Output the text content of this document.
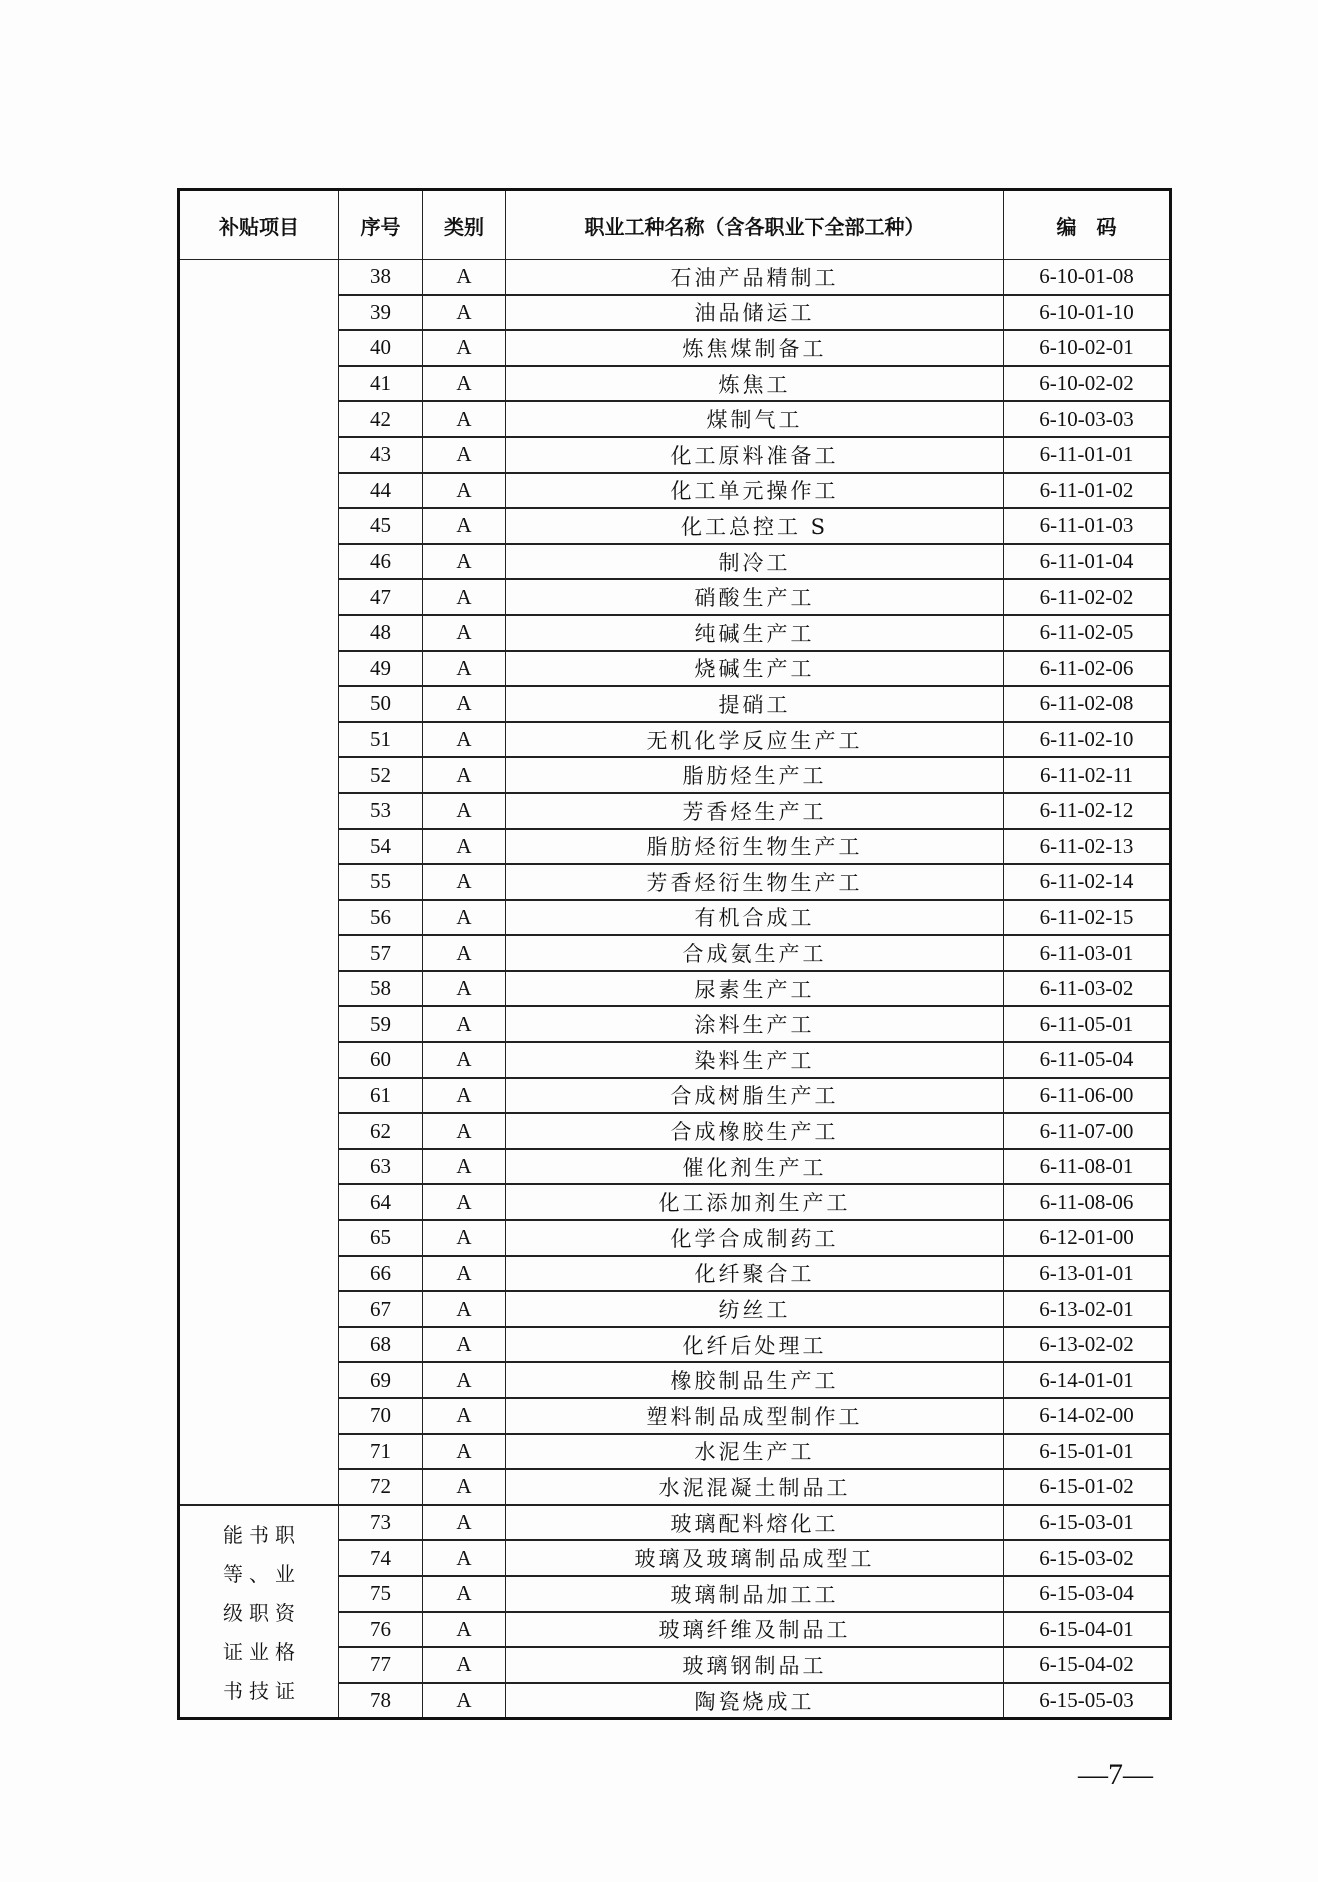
补贴项目	序号	类别	职业工种名称（含各职业下全部工种）	编　码
	38	A	石油产品精制工	6-10-01-08
	39	A	油品储运工	6-10-01-10
	40	A	炼焦煤制备工	6-10-02-01
	41	A	炼焦工	6-10-02-02
	42	A	煤制气工	6-10-03-03
	43	A	化工原料准备工	6-11-01-01
	44	A	化工单元操作工	6-11-01-02
	45	A	化工总控工 S	6-11-01-03
	46	A	制冷工	6-11-01-04
	47	A	硝酸生产工	6-11-02-02
	48	A	纯碱生产工	6-11-02-05
	49	A	烧碱生产工	6-11-02-06
	50	A	提硝工	6-11-02-08
	51	A	无机化学反应生产工	6-11-02-10
	52	A	脂肪烃生产工	6-11-02-11
	53	A	芳香烃生产工	6-11-02-12
	54	A	脂肪烃衍生物生产工	6-11-02-13
	55	A	芳香烃衍生物生产工	6-11-02-14
	56	A	有机合成工	6-11-02-15
	57	A	合成氨生产工	6-11-03-01
	58	A	尿素生产工	6-11-03-02
	59	A	涂料生产工	6-11-05-01
	60	A	染料生产工	6-11-05-04
	61	A	合成树脂生产工	6-11-06-00
	62	A	合成橡胶生产工	6-11-07-00
	63	A	催化剂生产工	6-11-08-01
	64	A	化工添加剂生产工	6-11-08-06
	65	A	化学合成制药工	6-12-01-00
	66	A	化纤聚合工	6-13-01-01
	67	A	纺丝工	6-13-02-01
	68	A	化纤后处理工	6-13-02-02
	69	A	橡胶制品生产工	6-14-01-01
	70	A	塑料制品成型制作工	6-14-02-00
	71	A	水泥生产工	6-15-01-01
	72	A	水泥混凝土制品工	6-15-01-02

能 书 职
等 、 业
级 职 资
证 业 格
书 技 证
	73	A	玻璃配料熔化工	6-15-03-01
	74	A	玻璃及玻璃制品成型工	6-15-03-02
	75	A	玻璃制品加工工	6-15-03-04
	76	A	玻璃纤维及制品工	6-15-04-01
	77	A	玻璃钢制品工	6-15-04-02
	78	A	陶瓷烧成工	6-15-05-03
—7—
